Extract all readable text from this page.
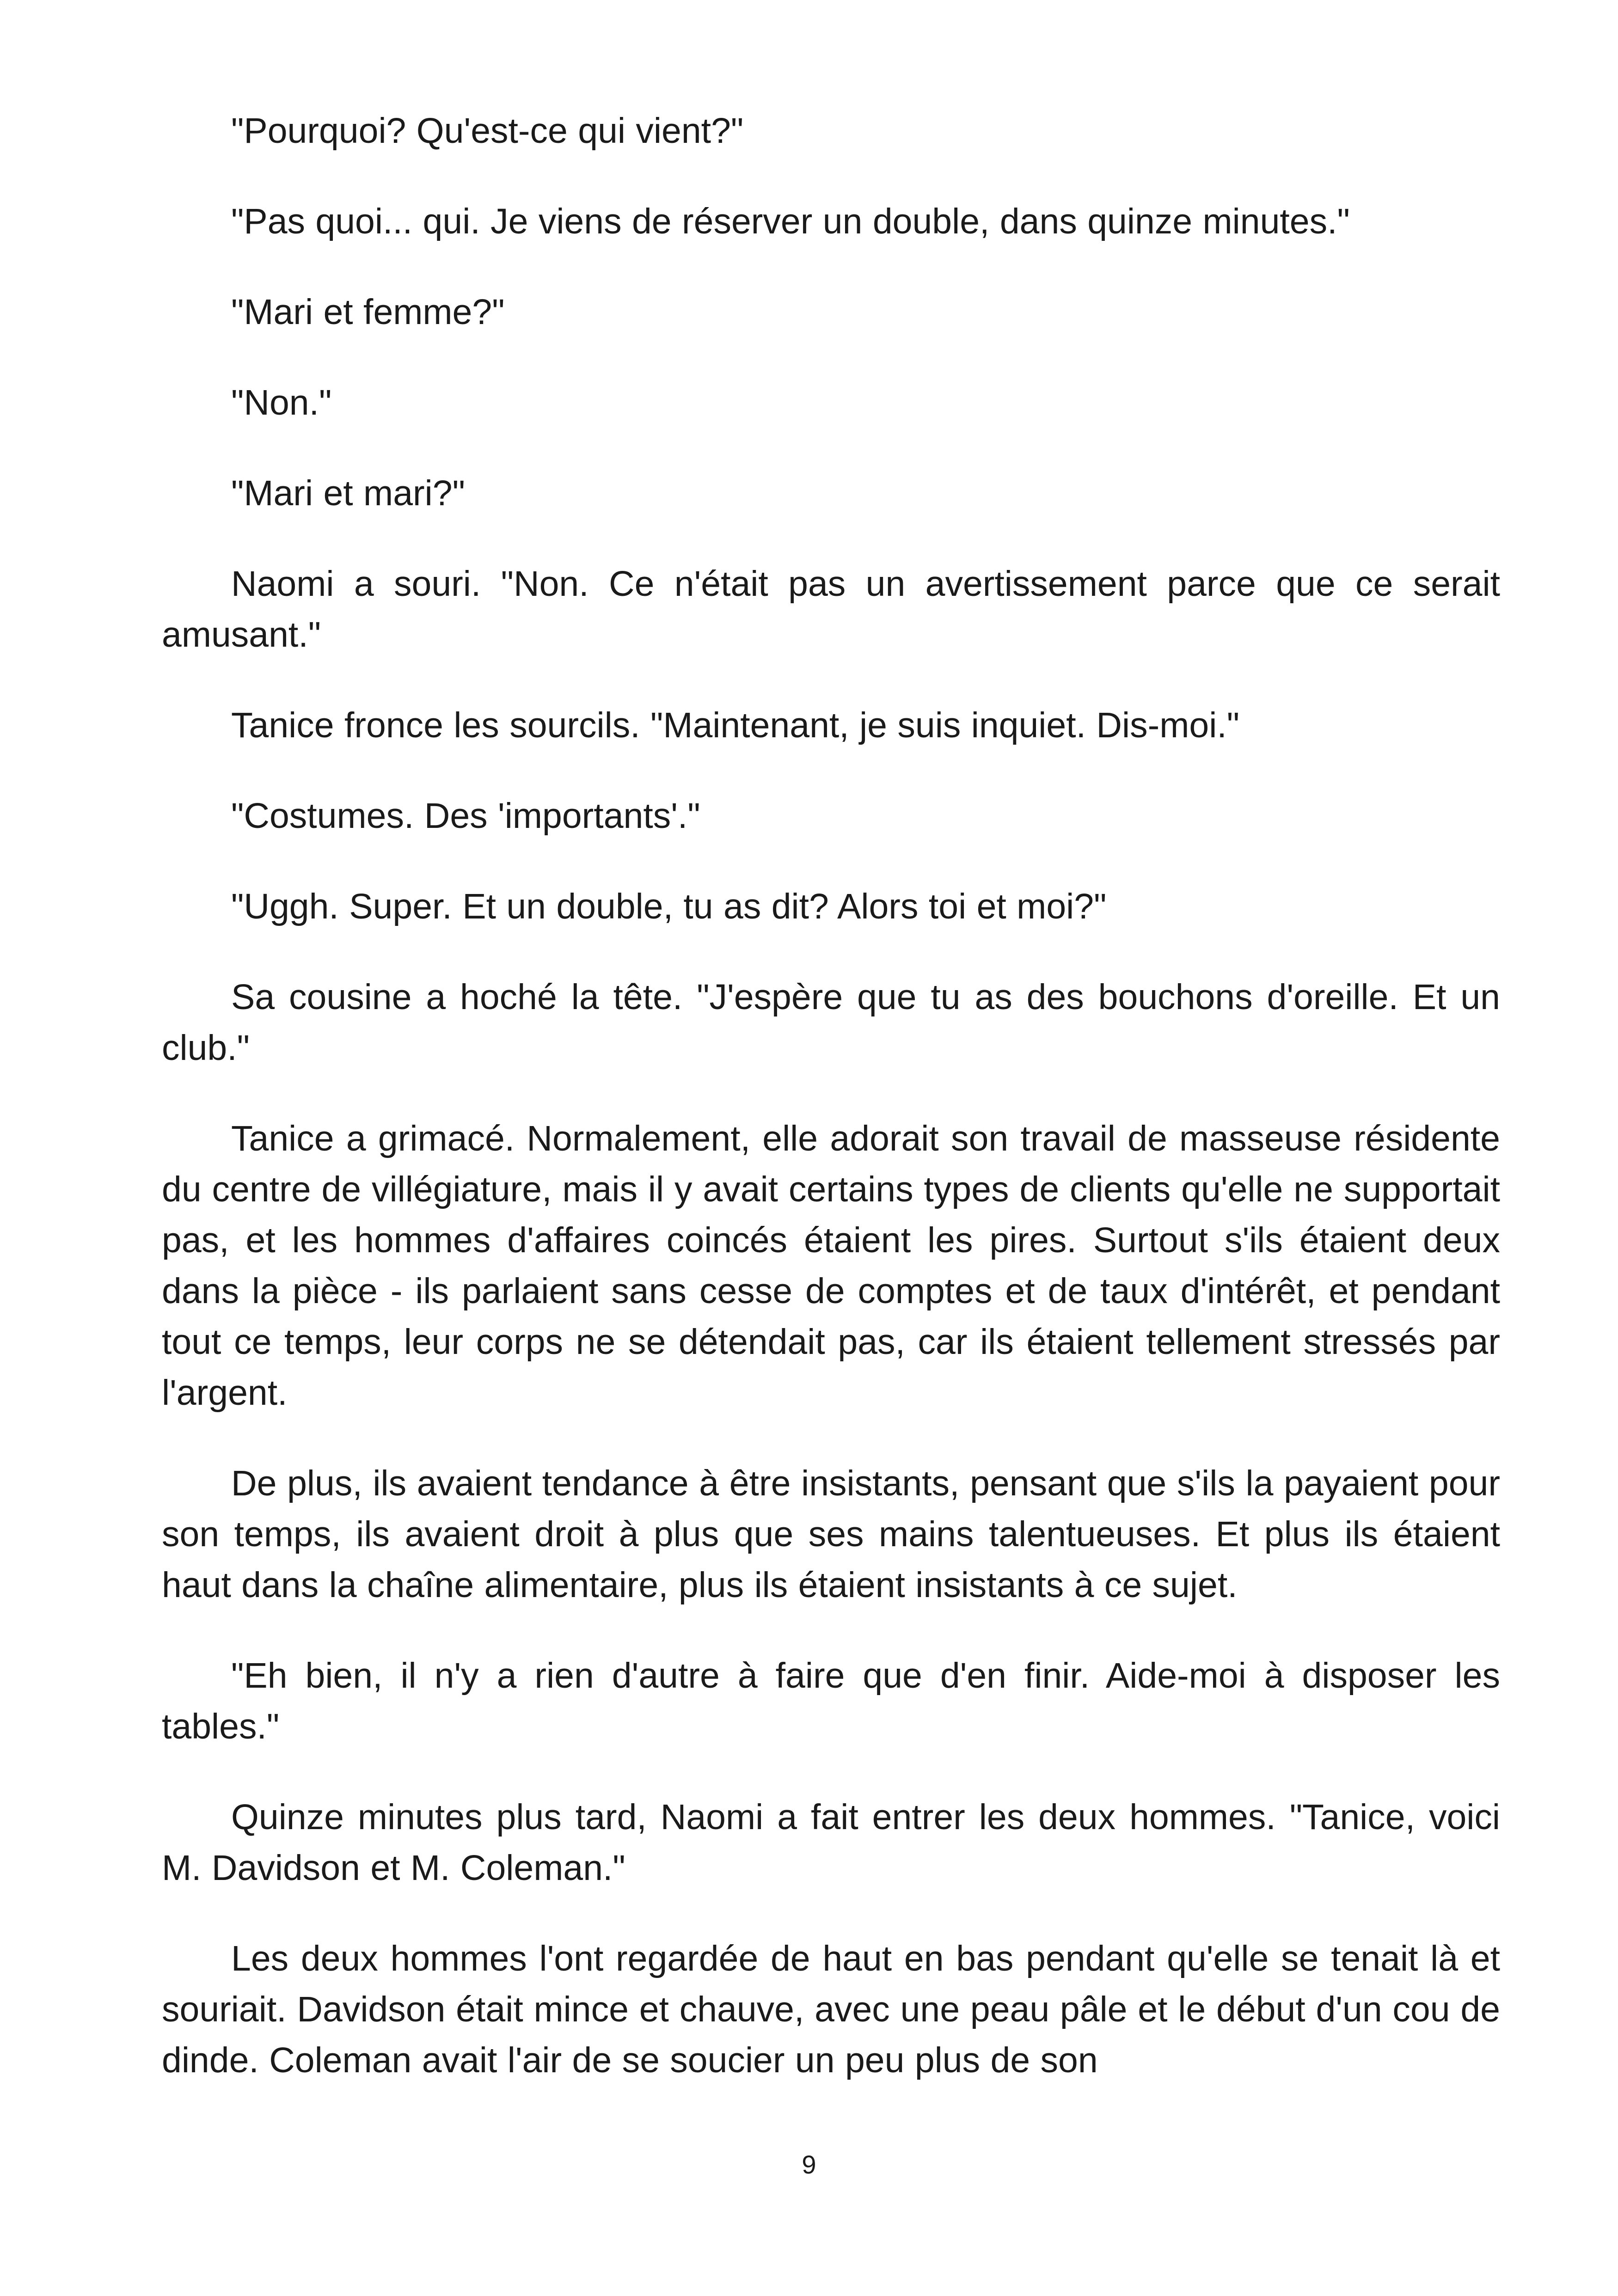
"Pourquoi? Qu'est-ce qui vient?"

"Pas quoi... qui. Je viens de réserver un double, dans quinze minutes."

"Mari et femme?"

"Non."

"Mari et mari?"

Naomi a souri. "Non. Ce n'était pas un avertissement parce que ce serait amusant."

Tanice fronce les sourcils. "Maintenant, je suis inquiet. Dis-moi."

"Costumes. Des 'importants'."

"Uggh. Super. Et un double, tu as dit? Alors toi et moi?"

Sa cousine a hoché la tête. "J'espère que tu as des bouchons d'oreille. Et un club."

Tanice a grimacé. Normalement, elle adorait son travail de masseuse résidente du centre de villégiature, mais il y avait certains types de clients qu'elle ne supportait pas, et les hommes d'affaires coincés étaient les pires. Surtout s'ils étaient deux dans la pièce - ils parlaient sans cesse de comptes et de taux d'intérêt, et pendant tout ce temps, leur corps ne se détendait pas, car ils étaient tellement stressés par l'argent.

De plus, ils avaient tendance à être insistants, pensant que s'ils la payaient pour son temps, ils avaient droit à plus que ses mains talentueuses. Et plus ils étaient haut dans la chaîne alimentaire, plus ils étaient insistants à ce sujet.

"Eh bien, il n'y a rien d'autre à faire que d'en finir. Aide-moi à disposer les tables."

Quinze minutes plus tard, Naomi a fait entrer les deux hommes. "Tanice, voici M. Davidson et M. Coleman."

Les deux hommes l'ont regardée de haut en bas pendant qu'elle se tenait là et souriait. Davidson était mince et chauve, avec une peau pâle et le début d'un cou de dinde. Coleman avait l'air de se soucier un peu plus de son

9
